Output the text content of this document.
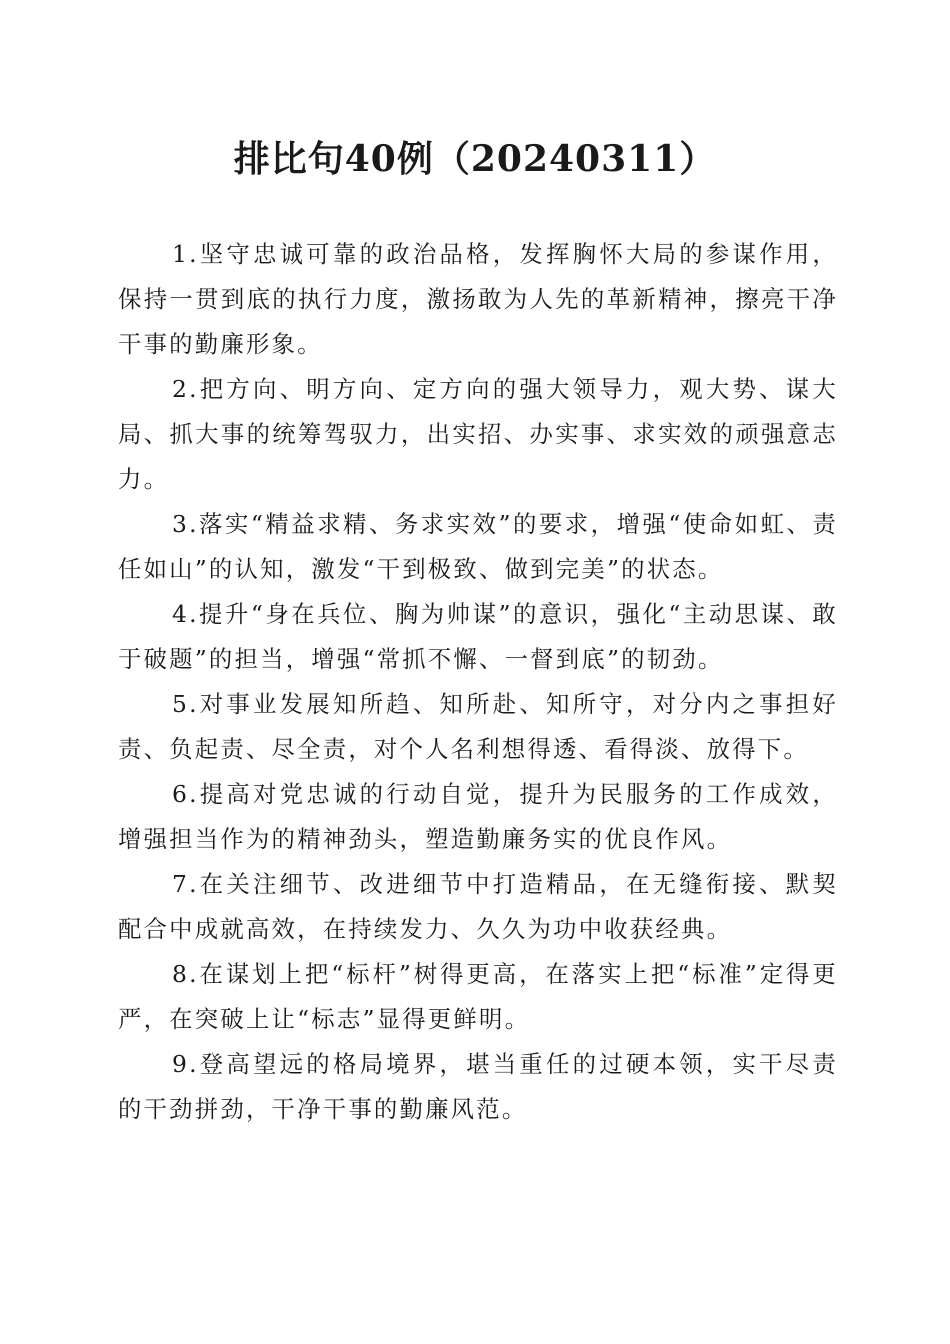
排比句40例（20240311）

1.坚守忠诚可靠的政治品格，发挥胸怀大局的参谋作用，保持一贯到底的执行力度，激扬敢为人先的革新精神，擦亮干净干事的勤廉形象。

2.把方向、明方向、定方向的强大领导力，观大势、谋大局、抓大事的统筹驾驭力，出实招、办实事、求实效的顽强意志力。

3.落实“精益求精、务求实效”的要求，增强“使命如虹、责任如山”的认知，激发“干到极致、做到完美”的状态。

4.提升“身在兵位、胸为帅谋”的意识，强化“主动思谋、敢于破题”的担当，增强“常抓不懈、一督到底”的韧劲。

5.对事业发展知所趋、知所赴、知所守，对分内之事担好责、负起责、尽全责，对个人名利想得透、看得淡、放得下。

6.提高对党忠诚的行动自觉，提升为民服务的工作成效，增强担当作为的精神劲头，塑造勤廉务实的优良作风。

7.在关注细节、改进细节中打造精品，在无缝衔接、默契配合中成就高效，在持续发力、久久为功中收获经典。

8.在谋划上把“标杆”树得更高，在落实上把“标准”定得更严，在突破上让“标志”显得更鲜明。

9.登高望远的格局境界，堪当重任的过硬本领，实干尽责的干劲拼劲，干净干事的勤廉风范。
